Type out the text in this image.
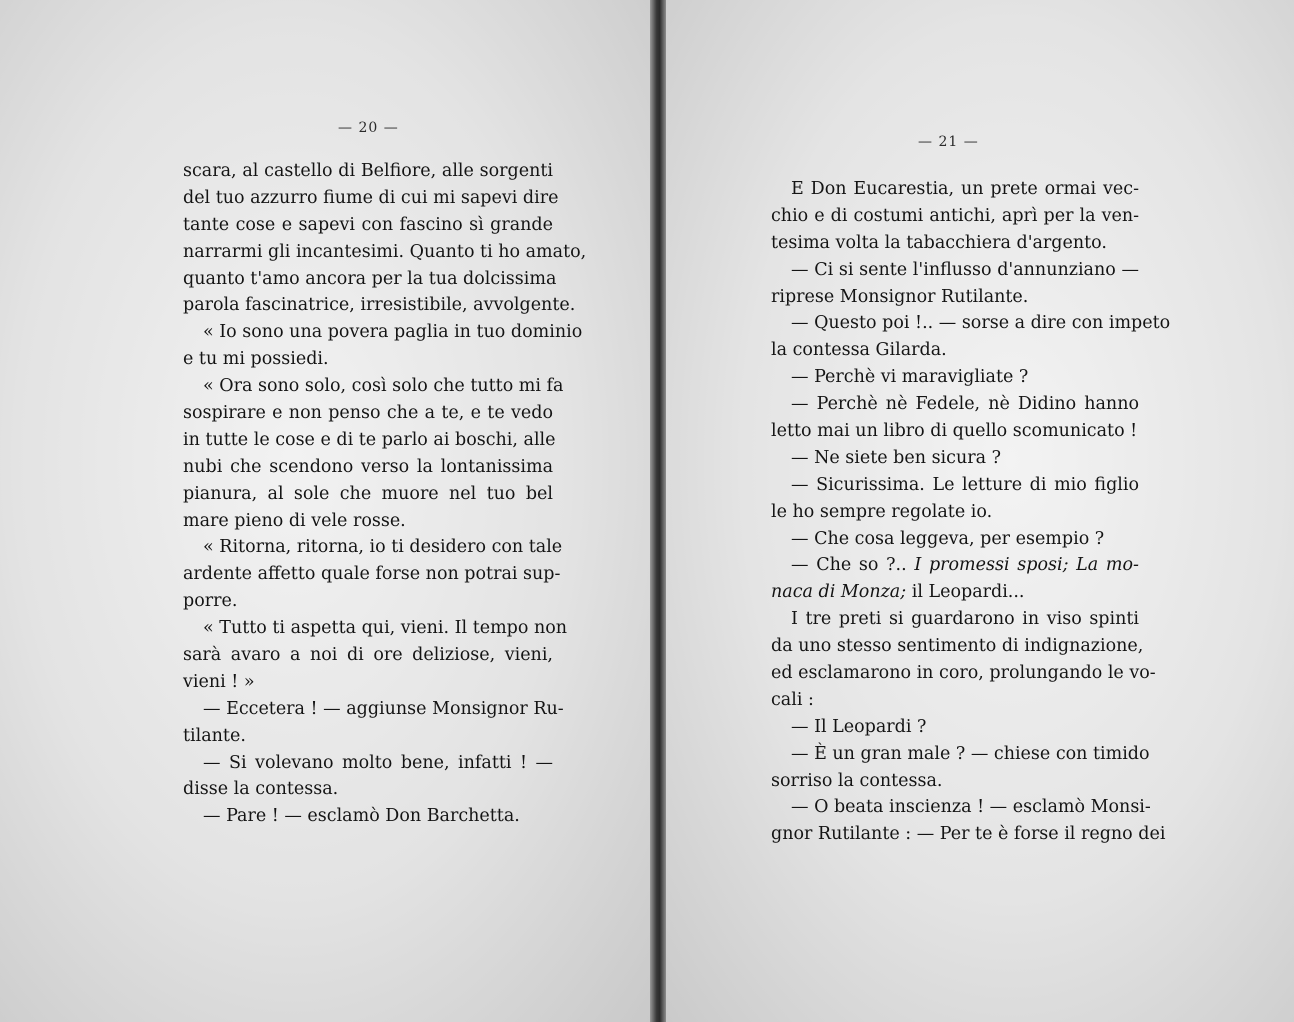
— 20 —
scara, al castello di Belfiore, alle sorgenti
del tuo azzurro fiume di cui mi sapevi dire
tante cose e sapevi con fascino sì grande
narrarmi gli incantesimi. Quanto ti ho amato,
quanto t'amo ancora per la tua dolcissima
parola fascinatrice, irresistibile, avvolgente.
« Io sono una povera paglia in tuo dominio
e tu mi possiedi.
« Ora sono solo, così solo che tutto mi fa
sospirare e non penso che a te, e te vedo
in tutte le cose e di te parlo ai boschi, alle
nubi che scendono verso la lontanissima
pianura, al sole che muore nel tuo bel
mare pieno di vele rosse.
« Ritorna, ritorna, io ti desidero con tale
ardente affetto quale forse non potrai sup-
porre.
« Tutto ti aspetta qui, vieni. Il tempo non
sarà avaro a noi di ore deliziose, vieni,
vieni ! »
— Eccetera ! — aggiunse Monsignor Ru-
tilante.
— Si volevano molto bene, infatti ! —
disse la contessa.
— Pare ! — esclamò Don Barchetta.
— 21 —
E Don Eucarestia, un prete ormai vec-
chio e di costumi antichi, aprì per la ven-
tesima volta la tabacchiera d'argento.
— Ci si sente l'influsso d'annunziano —
riprese Monsignor Rutilante.
— Questo poi !.. — sorse a dire con impeto
la contessa Gilarda.
— Perchè vi maravigliate ?
— Perchè nè Fedele, nè Didino hanno
letto mai un libro di quello scomunicato !
— Ne siete ben sicura ?
— Sicurissima. Le letture di mio figlio
le ho sempre regolate io.
— Che cosa leggeva, per esempio ?
— Che so ?.. I promessi sposi; La mo-
naca di Monza; il Leopardi...
I tre preti si guardarono in viso spinti
da uno stesso sentimento di indignazione,
ed esclamarono in coro, prolungando le vo-
cali :
— Il Leopardi ?
— È un gran male ? — chiese con timido
sorriso la contessa.
— O beata inscienza ! — esclamò Monsi-
gnor Rutilante : — Per te è forse il regno dei
